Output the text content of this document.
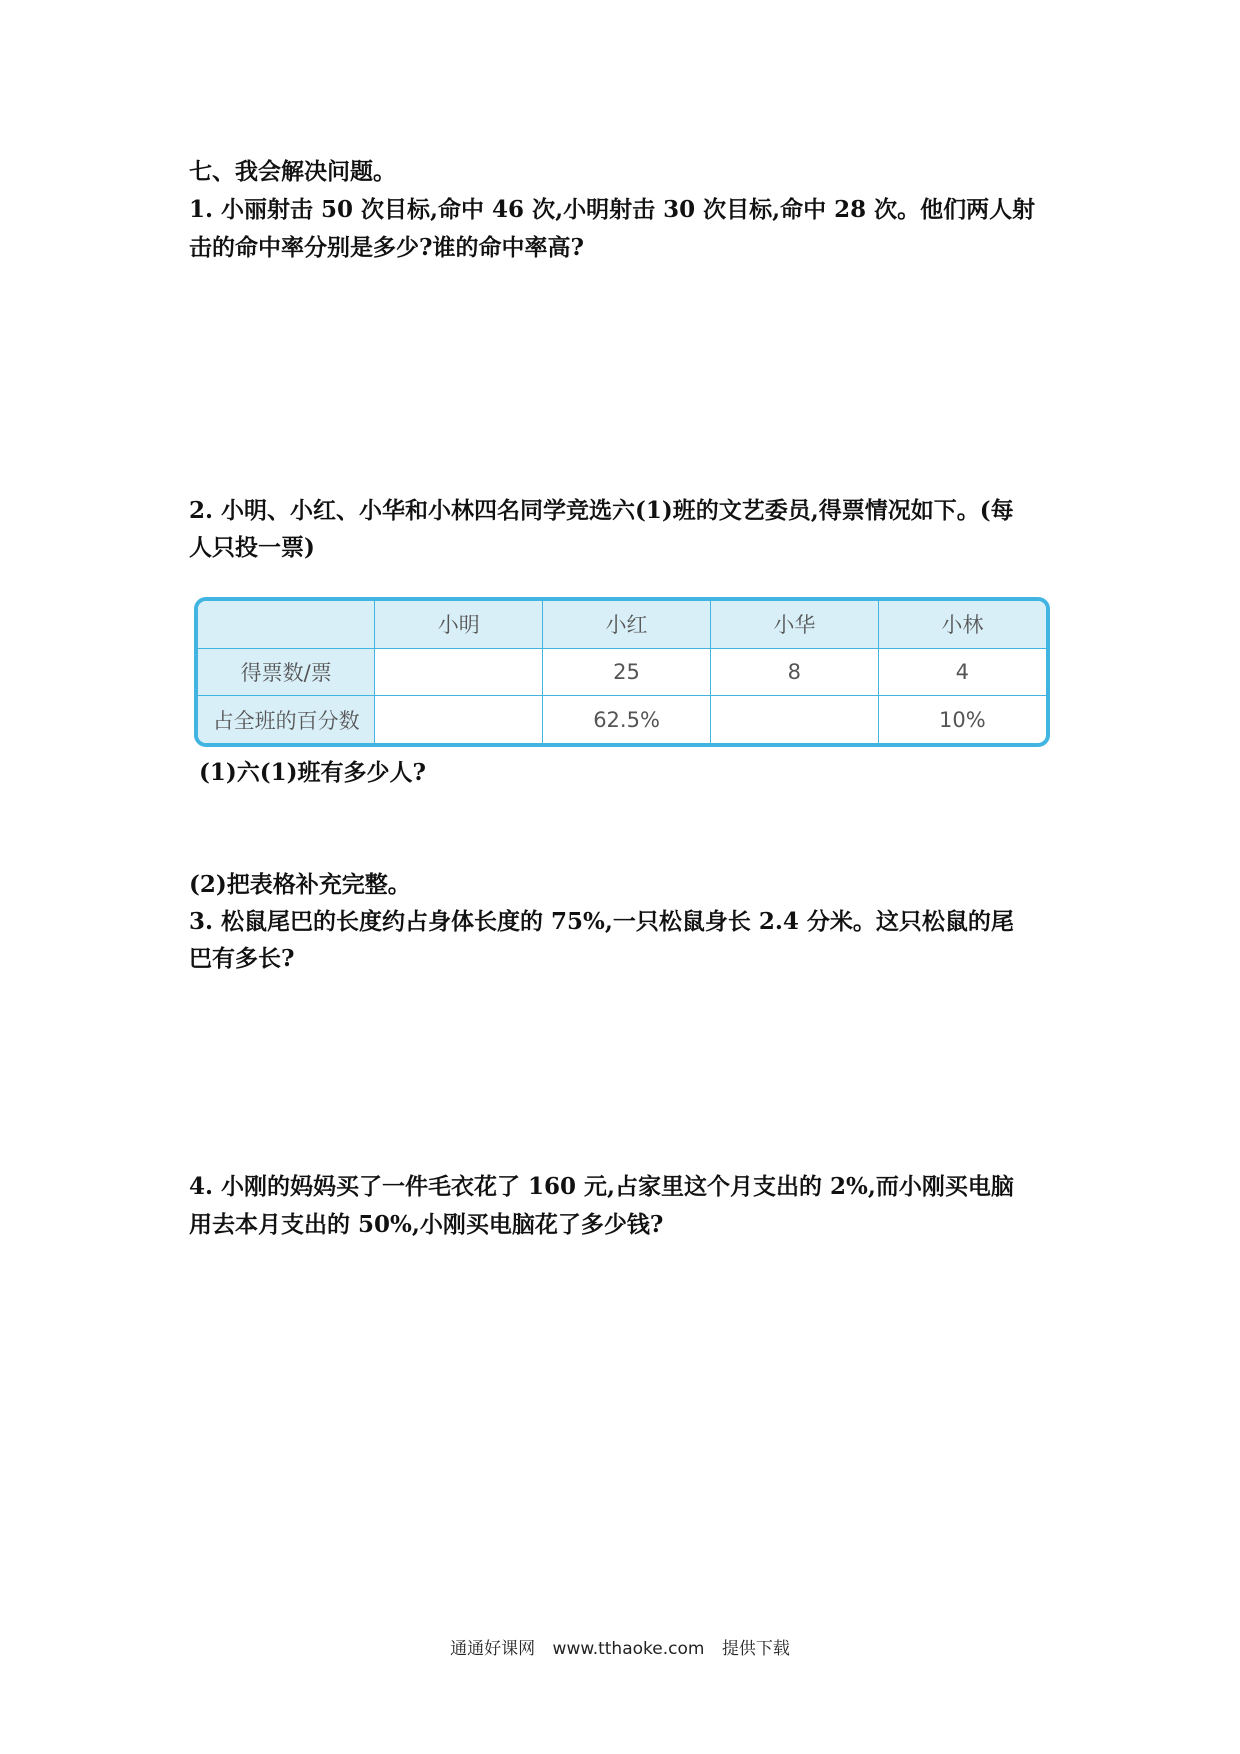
七、我会解决问题。
1. 小丽射击 50 次目标,命中 46 次,小明射击 30 次目标,命中 28 次。他们两人射
击的命中率分别是多少?谁的命中率高?
2. 小明、小红、小华和小林四名同学竞选六(1)班的文艺委员,得票情况如下。(每
人只投一票)
	小明	小红	小华	小林
得票数/票		25	8	4
占全班的百分数		62.5%		10%
(1)六(1)班有多少人?
(2)把表格补充完整。
3. 松鼠尾巴的长度约占身体长度的 75%,一只松鼠身长 2.4 分米。这只松鼠的尾
巴有多长?
4. 小刚的妈妈买了一件毛衣花了 160 元,占家里这个月支出的 2%,而小刚买电脑
用去本月支出的 50%,小刚买电脑花了多少钱?
通通好课网 www.tthaoke.com 提供下载
